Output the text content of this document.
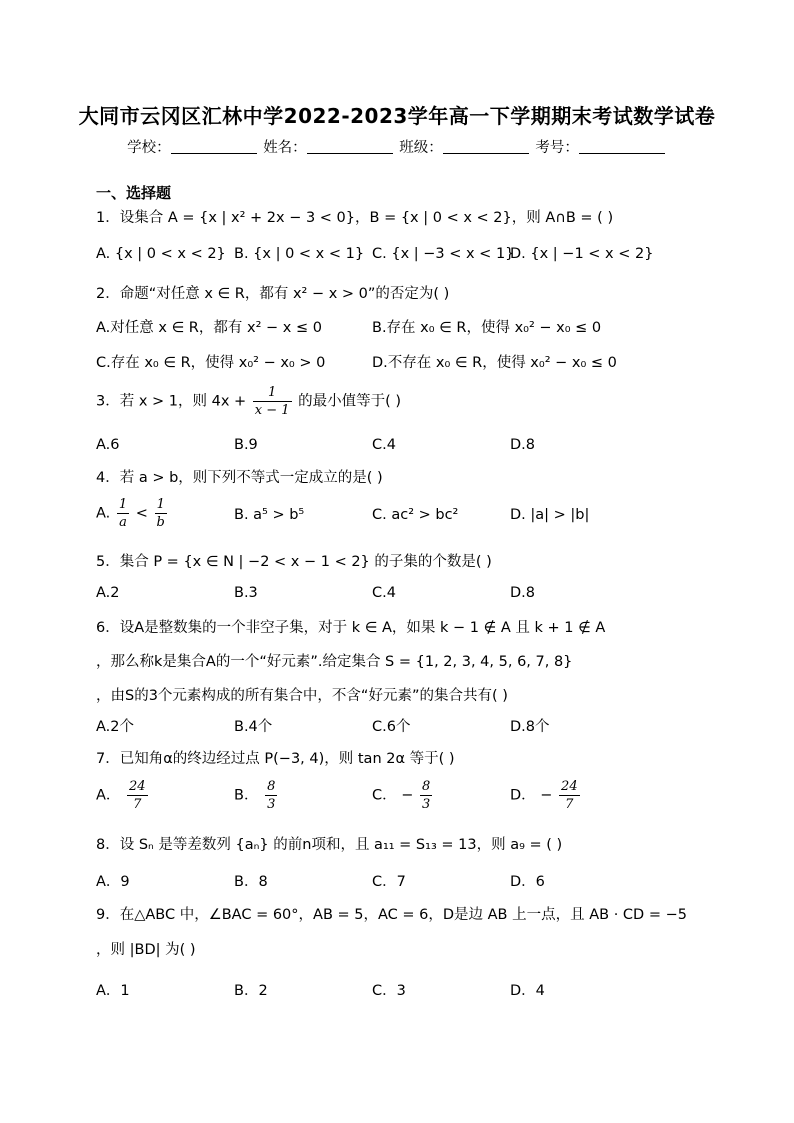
大同市云冈区汇林中学2022-2023学年高一下学期期末考试数学试卷
学校：	姓名：	班级：	考号：
一、选择题
1．设集合 A = {x | x² + 2x − 3 < 0}，B = {x | 0 < x < 2}，则 A∩B = ( )
A. {x | 0 < x < 2} B. {x | 0 < x < 1} C. {x | −3 < x < 1}
D. {x | −1 < x < 2}
2．命题“对任意 x ∈ R，都有 x² − x > 0”的否定为( )
A.对任意 x ∈ R，都有 x² − x ≤ 0	B.存在 x₀ ∈ R，使得 x₀² − x₀ ≤ 0
C.存在 x₀ ∈ R，使得 x₀² − x₀ > 0	D.不存在 x₀ ∈ R，使得 x₀² − x₀ ≤ 0
3．若 x > 1，则 $4x + \frac{1}{x - 1}$ 的最小值等于( )
A.6	B.9	C.4	D.8
4．若 a > b，则下列不等式一定成立的是( )
A. $\frac{1}{a} < \frac{1}{b}$	B. a⁵ > b⁵	C. ac² > bc²	D. |a| > |b|
5．集合 P = {x ∈ N | −2 < x − 1 < 2} 的子集的个数是( )
A.2	B.3	C.4	D.8
6．设A是整数集的一个非空子集，对于 k ∈ A，如果 k − 1 ∉ A 且 k + 1 ∉ A
，那么称k是集合A的一个“好元素”.给定集合 S = {1, 2, 3, 4, 5, 6, 7, 8}
，由S的3个元素构成的所有集合中，不含“好元素”的集合共有( )
A.2个	B.4个	C.6个	D.8个
7．已知角α的终边经过点 P(−3, 4)，则 tan 2α 等于( )
A． $\frac{24}{7}$	B． $\frac{8}{3}$	C． − $\frac{8}{3}$	D． − $\frac{24}{7}$
8．设 Sₙ 是等差数列 {aₙ} 的前n项和，且 a₁₁ = S₁₃ = 13，则 a₉ = ( )
A．9	B．8	C．7	D．6
9．在△ABC 中，∠BAC = 60°，AB = 5，AC = 6，D是边 AB 上一点，且 AB · CD = −5
，则 |BD| 为( )
A．1	B．2	C．3	D．4
